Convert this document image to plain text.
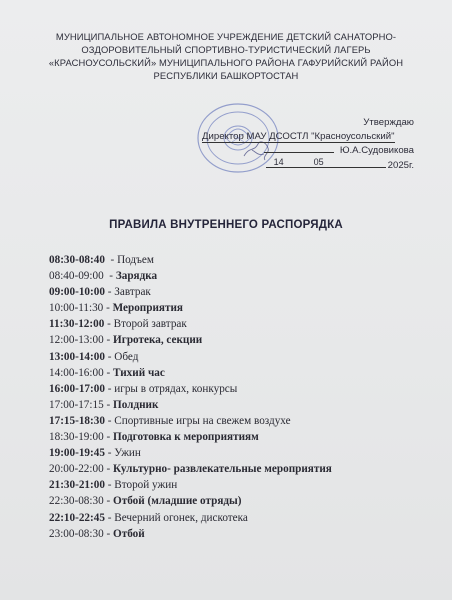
МУНИЦИПАЛЬНОЕ АВТОНОМНОЕ УЧРЕЖДЕНИЕ ДЕТСКИЙ САНАТОРНО-
ОЗДОРОВИТЕЛЬНЫЙ СПОРТИВНО-ТУРИСТИЧЕСКИЙ ЛАГЕРЬ
«КРАСНОУСОЛЬСКИЙ» МУНИЦИПАЛЬНОГО РАЙОНА ГАФУРИЙСКИЙ РАЙОН
РЕСПУБЛИКИ БАШКОРТОСТАН
Утверждаю
Директор МАУ ДСОСТЛ "Красноусольский"
Ю.А.Судовикова
14	05	2025г.
ПРАВИЛА ВНУТРЕННЕГО РАСПОРЯДКА
08:30-08:40  - Подъем
08:40-09:00  - Зарядка
09:00-10:00 - Завтрак
10:00-11:30 - Мероприятия
11:30-12:00 - Второй завтрак
12:00-13:00 - Игротека, секции
13:00-14:00 - Обед
14:00-16:00 - Тихий час
16:00-17:00 - игры в отрядах, конкурсы
17:00-17:15 - Полдник
17:15-18:30 - Спортивные игры на свежем воздухе
18:30-19:00 - Подготовка к мероприятиям
19:00-19:45 - Ужин
20:00-22:00 - Культурно- развлекательные мероприятия
21:30-21:00 - Второй ужин
22:30-08:30 - Отбой (младшие отряды)
22:10-22:45 - Вечерний огонек, дискотека
23:00-08:30 - Отбой
